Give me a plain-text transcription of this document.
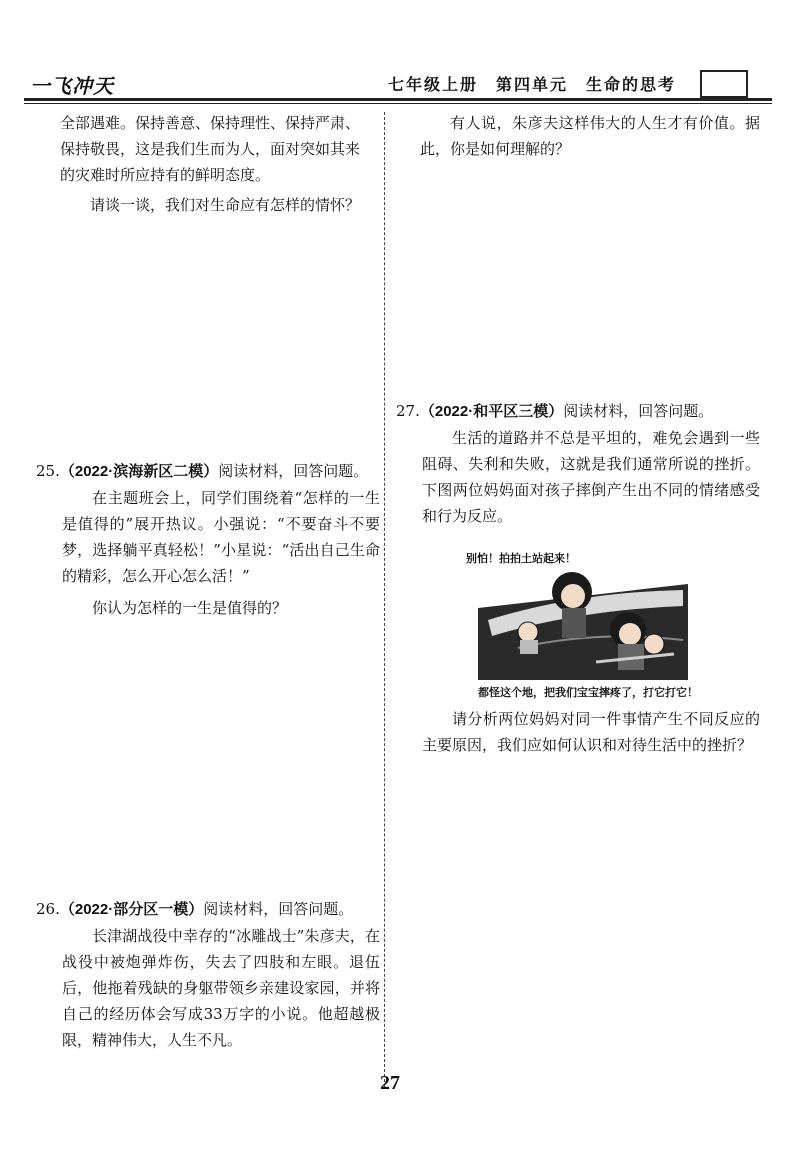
一飞冲天	七年级上册　第四单元　生命的思考

全部遇难。保持善意、保持理性、保持严肃、

保持敬畏，这是我们生而为人，面对突如其来

的灾难时所应持有的鲜明态度。

请谈一谈，我们对生命应有怎样的情怀？

25.（2022·滨海新区二模）阅读材料，回答问题。

在主题班会上，同学们围绕着“怎样的一生是值得的”展开热议。小强说：“不要奋斗不要梦，选择躺平真轻松！”小星说：“活出自己生命的精彩，怎么开心怎么活！”

你认为怎样的一生是值得的？

26.（2022·部分区一模）阅读材料，回答问题。

长津湖战役中幸存的“冰雕战士”朱彦夫，在战役中被炮弹炸伤，失去了四肢和左眼。退伍后，他拖着残缺的身躯带领乡亲建设家园，并将自己的经历体会写成33万字的小说。他超越极限，精神伟大，人生不凡。

有人说，朱彦夫这样伟大的人生才有价值。据此，你是如何理解的？

27.（2022·和平区三模）阅读材料，回答问题。

生活的道路并不总是平坦的，难免会遇到一些阻碍、失利和失败，这就是我们通常所说的挫折。下图两位妈妈面对孩子摔倒产生出不同的情绪感受和行为反应。

别怕！拍拍土站起来！
都怪这个地，把我们宝宝摔疼了，打它打它！

请分析两位妈妈对同一件事情产生不同反应的主要原因，我们应如何认识和对待生活中的挫折？

27
